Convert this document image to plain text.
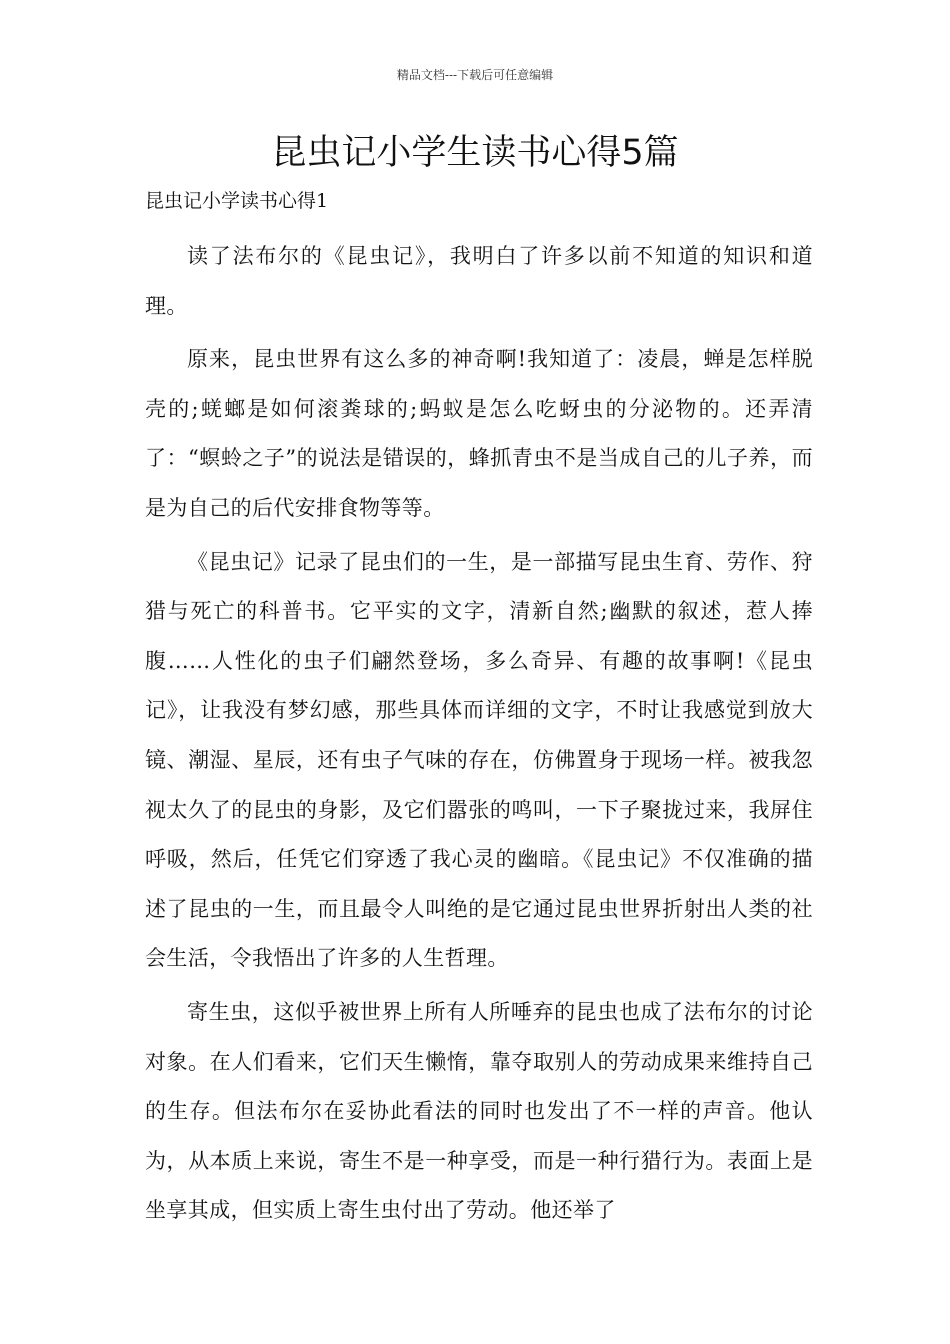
精品文档---下载后可任意编辑
昆虫记小学生读书心得5篇
昆虫记小学读书心得1

读了法布尔的《昆虫记》，我明白了许多以前不知道的知识和道理。

原来，昆虫世界有这么多的神奇啊!我知道了：凌晨，蝉是怎样脱壳的;蜣螂是如何滚粪球的;蚂蚁是怎么吃蚜虫的分泌物的。还弄清了：“螟蛉之子”的说法是错误的，蜂抓青虫不是当成自己的儿子养，而是为自己的后代安排食物等等。

《昆虫记》记录了昆虫们的一生，是一部描写昆虫生育、劳作、狩猎与死亡的科普书。它平实的文字，清新自然;幽默的叙述，惹人捧腹……人性化的虫子们翩然登场，多么奇异、有趣的故事啊!《昆虫记》，让我没有梦幻感，那些具体而详细的文字，不时让我感觉到放大镜、潮湿、星辰，还有虫子气味的存在，仿佛置身于现场一样。被我忽视太久了的昆虫的身影，及它们嚣张的鸣叫，一下子聚拢过来，我屏住呼吸，然后，任凭它们穿透了我心灵的幽暗。《昆虫记》不仅准确的描述了昆虫的一生，而且最令人叫绝的是它通过昆虫世界折射出人类的社会生活，令我悟出了许多的人生哲理。

寄生虫，这似乎被世界上所有人所唾弃的昆虫也成了法布尔的讨论对象。在人们看来，它们天生懒惰，靠夺取别人的劳动成果来维持自己的生存。但法布尔在妥协此看法的同时也发出了不一样的声音。他认为，从本质上来说，寄生不是一种享受，而是一种行猎行为。表面上是坐享其成，但实质上寄生虫付出了劳动。他还举了
